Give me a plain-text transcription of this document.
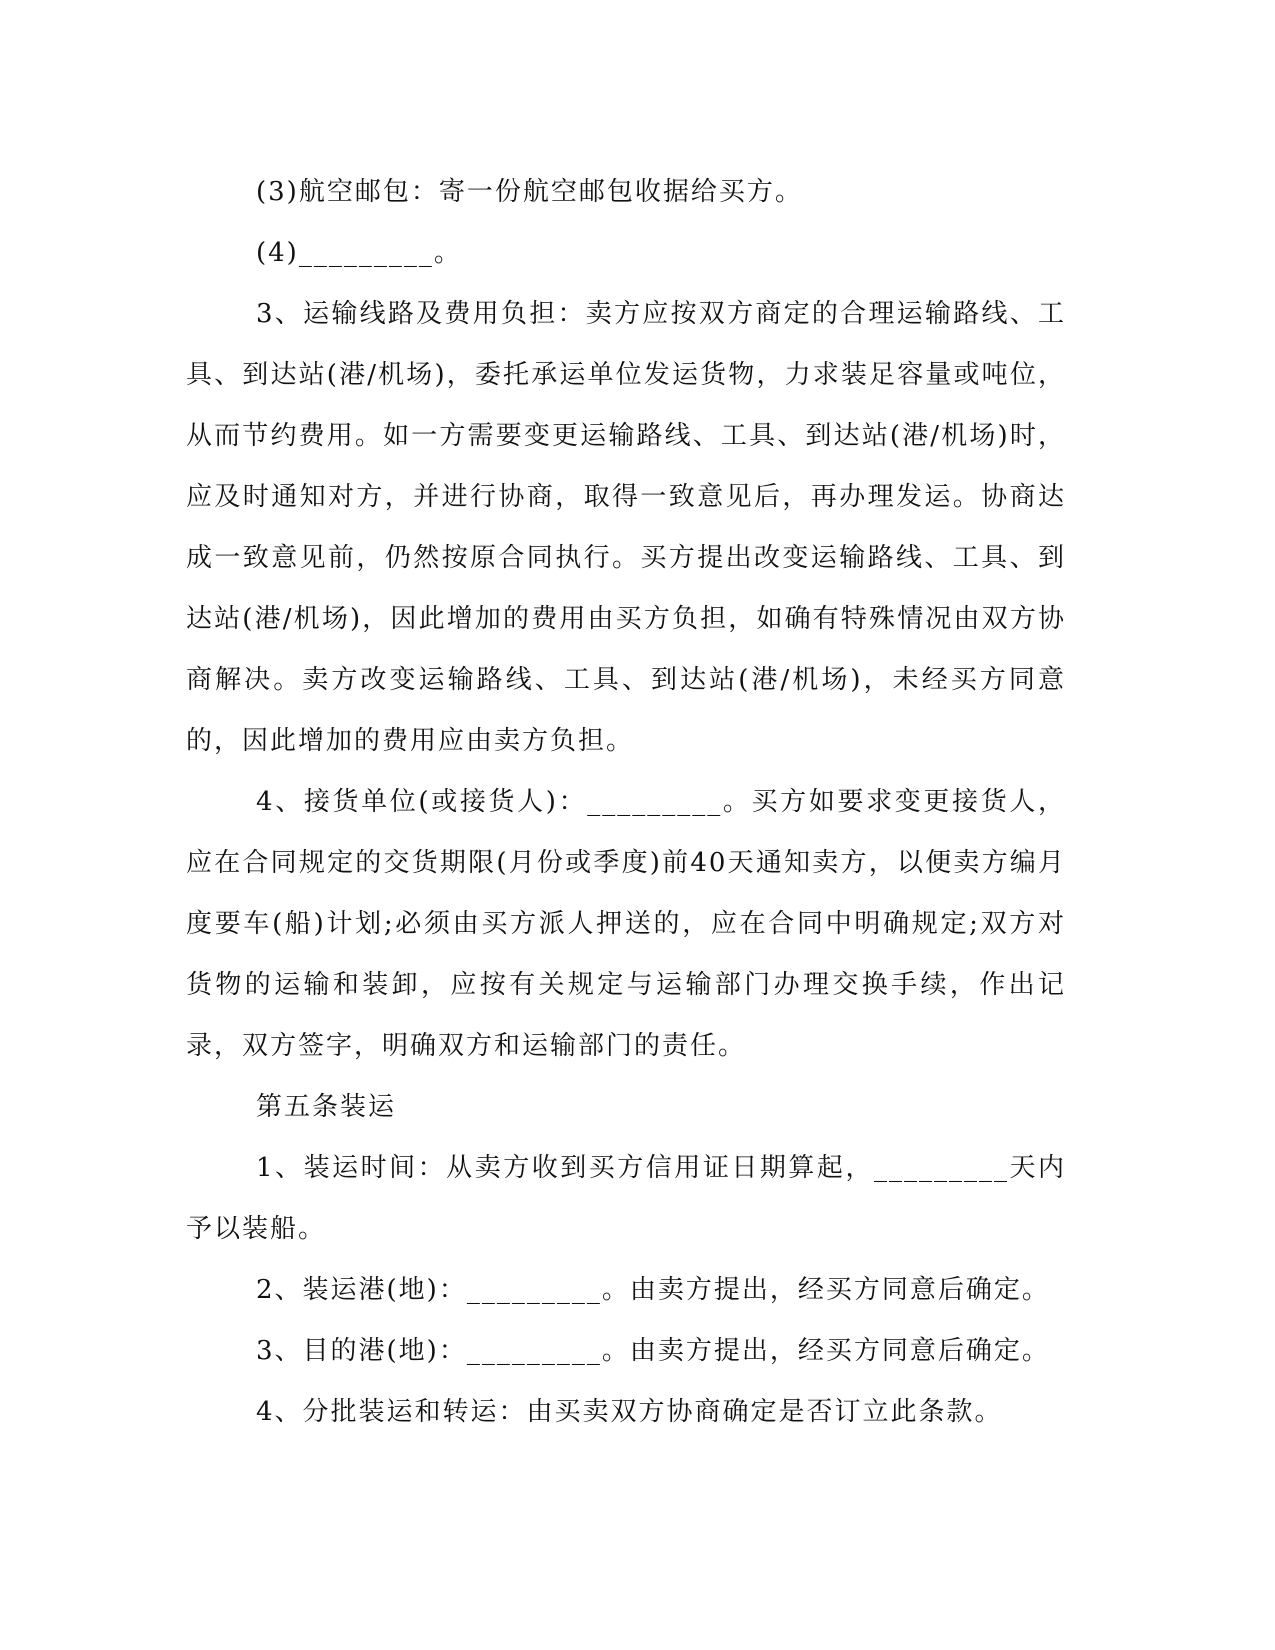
(3)航空邮包：寄一份航空邮包收据给买方。

(4)_________。

3、运输线路及费用负担：卖方应按双方商定的合理运输路线、工具、到达站(港/机场)，委托承运单位发运货物，力求装足容量或吨位，从而节约费用。如一方需要变更运输路线、工具、到达站(港/机场)时，应及时通知对方，并进行协商，取得一致意见后，再办理发运。协商达成一致意见前，仍然按原合同执行。买方提出改变运输路线、工具、到达站(港/机场)，因此增加的费用由买方负担，如确有特殊情况由双方协商解决。卖方改变运输路线、工具、到达站(港/机场)，未经买方同意的，因此增加的费用应由卖方负担。

4、接货单位(或接货人)：_________。买方如要求变更接货人，应在合同规定的交货期限(月份或季度)前40天通知卖方，以便卖方编月度要车(船)计划;必须由买方派人押送的，应在合同中明确规定;双方对货物的运输和装卸，应按有关规定与运输部门办理交换手续，作出记录，双方签字，明确双方和运输部门的责任。

第五条装运

1、装运时间：从卖方收到买方信用证日期算起，_________天内予以装船。

2、装运港(地)：_________。由卖方提出，经买方同意后确定。

3、目的港(地)：_________。由卖方提出，经买方同意后确定。

4、分批装运和转运：由买卖双方协商确定是否订立此条款。
